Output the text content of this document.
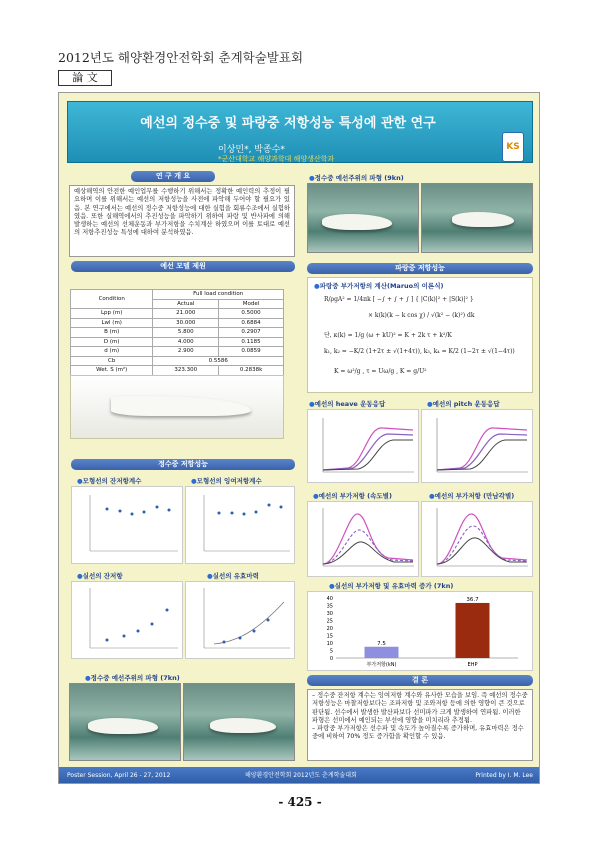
2012년도 해양환경안전학회 춘계학술발표회
論 文
예선의 정수중 및 파랑중 저항성능 특성에 관한 연구
이상민*, 박종수*
*군산대학교 해양과학대 해양생산학과
KS
연 구 개 요
예상해역의 안전한 예인업무를 수행하기 위해서는 정확한 예인력의 추정이 필요하며 이를 위해서는 예선의 저항성능을 사전에 파악해 두어야 할 필요가 있음. 본 연구에서는 예선의 정수중 저항성능에 대한 실험을 회류수조에서 실험하였음. 또한 실해역에서의 추진성능을 파악하기 위하여 파랑 및 반사파에 의해 발생하는 예선의 선체운동과 부가저항을 수치계산 하였으며 이를 토대로 예선의 저항추진성능 특성에 대하여 분석하였음.
● 정수중 예선주위의 파형 (9kn)
예선 모델 제원
Condition	Full load condition	
	Actual	Model
Lpp (m)	21.000	0.5000
Lwl (m)	30.000	0.6884
B (m)	5.800	0.2907
D (m)	4.000	0.1185
d (m)	2.900	0.0859
Cb	0.5586	
Wet. S (m²)	323.300	0.2838k
파랑중 저항성능
● 파랑중 부가저항의 계산(Maruo의 이론식)
R/ρgA² = 1/4πk [ −∫ + ∫ + ∫ ] { |C(k)|² + |S(k)|² }
× k(k)(k − k cos χ) / √(k² − (k)²) dk
단, κ(k) = 1/g (ω + kU)² = K + 2k τ + k²/K
k₁, k₂ = −K/2 (1+2τ ± √(1+4τ)), k₃, k₄ = K/2 (1−2τ ± √(1−4τ))
K = ω²/g , τ = Uω/g , K = g/U²
● 예선의 heave 운동응답	● 예선의 pitch 운동응답
정수중 저항성능
● 모형선의 잔저항계수	● 모형선의 잉여저항계수
● 예선의 부가저항 (속도별)	● 예선의 부가저항 (만남각별)
● 실선의 잔저항	● 실선의 유효마력
● 실선의 부가저항 및 유효마력 증가 (7kn)
0
5
10
15
20
25
30
35
40
7.5
부가저항(kN)
36.7
EHP
● 정수중 예선주위의 파형 (7kn)	결 론
– 정수중 잔저항 계수는 잉여저항 계수와 유사한 모습을 보임. 즉 예선의 정수중 저항성능은 마찰저항보다는 조파저항 및 조와저항 등에 의한 영향이 큰 것으로 판단됨. 선수에서 발생한 발산파보다 선미파가 크게 발생하여 연파됨. 이러한 파형은 선미에서 예인되는 부선에 영향을 미치리라 추정됨.
– 파랑중 부가저항은 선수파 및 속도가 높아질수록 증가하며, 유효마력은 정수중에 비하여 70% 정도 증가함을 확인할 수 있음.
Poster Session, April 26 - 27, 2012	해양환경안전학회 2012년도 춘계학술대회	Printed by I. M. Lee
- 425 -
